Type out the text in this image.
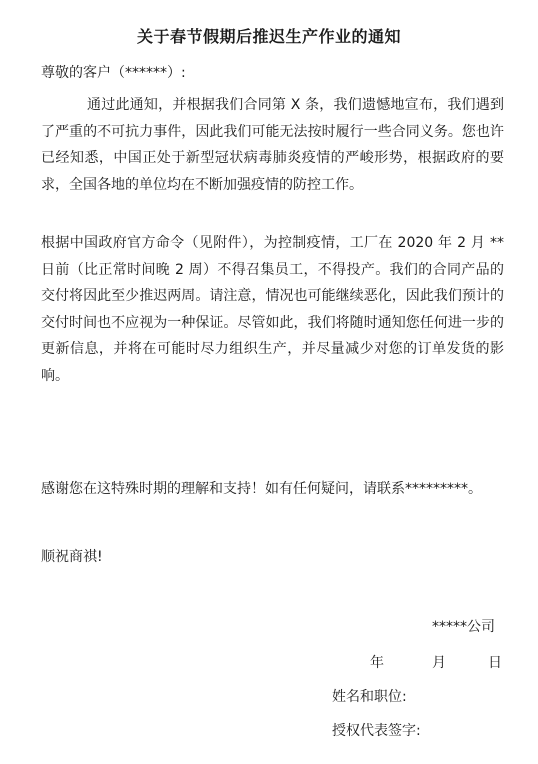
关于春节假期后推迟生产作业的通知
尊敬的客户（******）:
通过此通知，并根据我们合同第 X 条，我们遗憾地宣布，我们遇到了严重的不可抗力事件，因此我们可能无法按时履行一些合同义务。您也许已经知悉，中国正处于新型冠状病毒肺炎疫情的严峻形势，根据政府的要求，全国各地的单位均在不断加强疫情的防控工作。
根据中国政府官方命令（见附件），为控制疫情，工厂在 2020 年 2 月 **日前（比正常时间晚 2 周）不得召集员工，不得投产。我们的合同产品的交付将因此至少推迟两周。请注意，情况也可能继续恶化，因此我们预计的交付时间也不应视为一种保证。尽管如此，我们将随时通知您任何进一步的更新信息，并将在可能时尽力组织生产，并尽量减少对您的订单发货的影响。
感谢您在这特殊时期的理解和支持！如有任何疑问，请联系*********。
顺祝商祺!
*****公司
年	月	日
姓名和职位:
授权代表签字:
